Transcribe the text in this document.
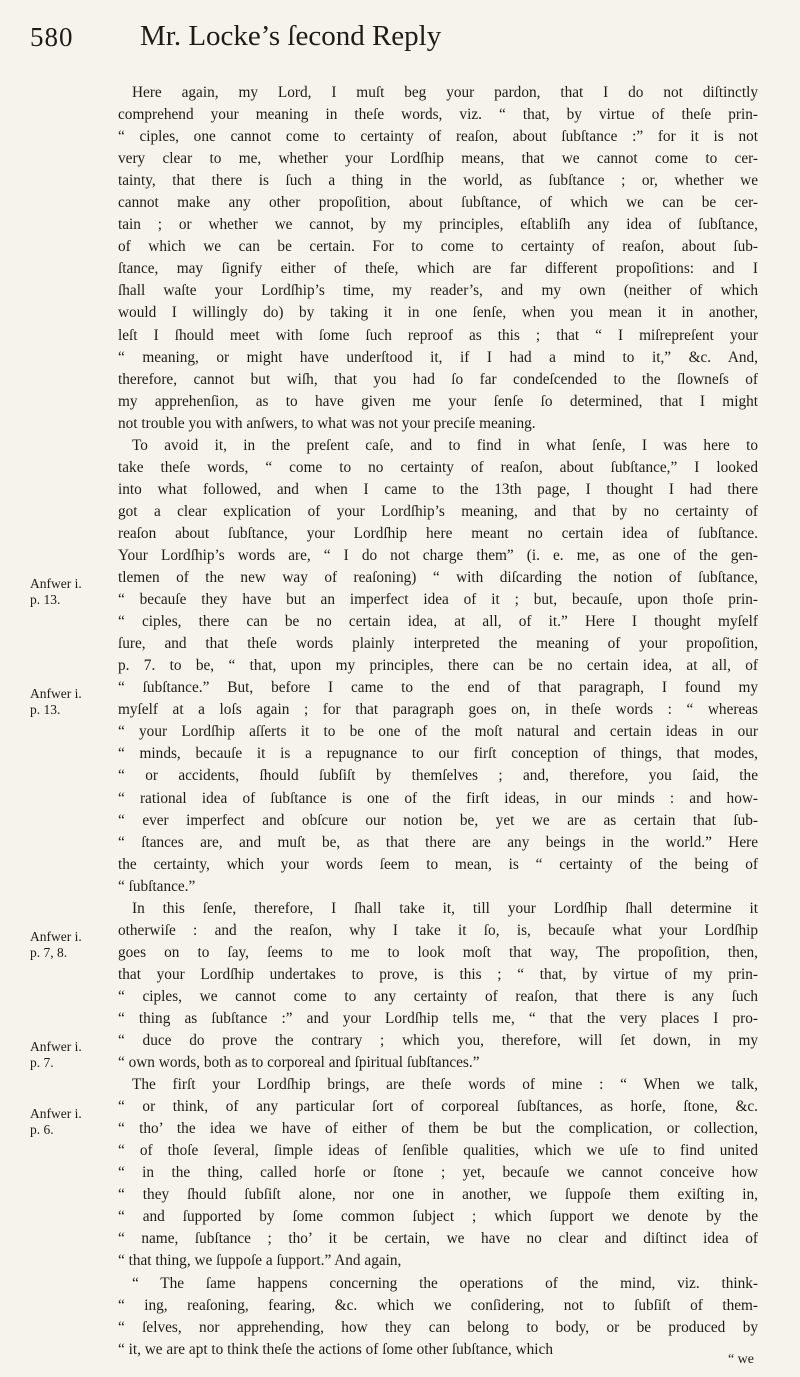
580 Mr. Locke’s ſecond Reply
Anfwer i.
p. 13.
Anfwer i.
p. 13.
Anfwer i.
p. 7, 8.
Anfwer i.
p. 7.
Anfwer i.
p. 6.
Here again, my Lord, I muſt beg your pardon, that I do not diſtinctly
comprehend your meaning in theſe words, viz. “ that, by virtue of theſe prin-
“ ciples, one cannot come to certainty of reaſon, about ſubſtance :” for it is not
very clear to me, whether your Lordſhip means, that we cannot come to cer-
tainty, that there is ſuch a thing in the world, as ſubſtance ; or, whether we
cannot make any other propoſition, about ſubſtance, of which we can be cer-
tain ; or whether we cannot, by my principles, eſtabliſh any idea of ſubſtance,
of which we can be certain. For to come to certainty of reaſon, about ſub-
ſtance, may ſignify either of theſe, which are far different propoſitions: and I
ſhall waſte your Lordſhip’s time, my reader’s, and my own (neither of which
would I willingly do) by taking it in one ſenſe, when you mean it in another,
leſt I ſhould meet with ſome ſuch reproof as this ; that “ I miſrepreſent your
“ meaning, or might have underſtood it, if I had a mind to it,” &c. And,
therefore, cannot but wiſh, that you had ſo far condeſcended to the ſlowneſs of
my apprehenſion, as to have given me your ſenſe ſo determined, that I might
not trouble you with anſwers, to what was not your preciſe meaning.
To avoid it, in the preſent caſe, and to find in what ſenſe, I was here to
take theſe words, “ come to no certainty of reaſon, about ſubſtance,” I looked
into what followed, and when I came to the 13th page, I thought I had there
got a clear explication of your Lordſhip’s meaning, and that by no certainty of
reaſon about ſubſtance, your Lordſhip here meant no certain idea of ſubſtance.
Your Lordſhip’s words are, “ I do not charge them” (i. e. me, as one of the gen-
tlemen of the new way of reaſoning) “ with diſcarding the notion of ſubſtance,
“ becauſe they have but an imperfect idea of it ; but, becauſe, upon thoſe prin-
“ ciples, there can be no certain idea, at all, of it.” Here I thought myſelf
ſure, and that theſe words plainly interpreted the meaning of your propoſition,
p. 7. to be, “ that, upon my principles, there can be no certain idea, at all, of
“ ſubſtance.” But, before I came to the end of that paragraph, I found my
myſelf at a loſs again ; for that paragraph goes on, in theſe words : “ whereas
“ your Lordſhip aſſerts it to be one of the moſt natural and certain ideas in our
“ minds, becauſe it is a repugnance to our firſt conception of things, that modes,
“ or accidents, ſhould ſubſiſt by themſelves ; and, therefore, you ſaid, the
“ rational idea of ſubſtance is one of the firſt ideas, in our minds : and how-
“ ever imperfect and obſcure our notion be, yet we are as certain that ſub-
“ ſtances are, and muſt be, as that there are any beings in the world.” Here
the certainty, which your words ſeem to mean, is “ certainty of the being of
“ ſubſtance.”
In this ſenſe, therefore, I ſhall take it, till your Lordſhip ſhall determine it
otherwiſe : and the reaſon, why I take it ſo, is, becauſe what your Lordſhip
goes on to ſay, ſeems to me to look moſt that way, The propoſition, then,
that your Lordſhip undertakes to prove, is this ; “ that, by virtue of my prin-
“ ciples, we cannot come to any certainty of reaſon, that there is any ſuch
“ thing as ſubſtance :” and your Lordſhip tells me, “ that the very places I pro-
“ duce do prove the contrary ; which you, therefore, will ſet down, in my
“ own words, both as to corporeal and ſpiritual ſubſtances.”
The firſt your Lordſhip brings, are theſe words of mine : “ When we talk,
“ or think, of any particular ſort of corporeal ſubſtances, as horſe, ſtone, &c.
“ tho’ the idea we have of either of them be but the complication, or collection,
“ of thoſe ſeveral, ſimple ideas of ſenſible qualities, which we uſe to find united
“ in the thing, called horſe or ſtone ; yet, becauſe we cannot conceive how
“ they ſhould ſubſiſt alone, nor one in another, we ſuppoſe them exiſting in,
“ and ſupported by ſome common ſubject ; which ſupport we denote by the
“ name, ſubſtance ; tho’ it be certain, we have no clear and diſtinct idea of
“ that thing, we ſuppoſe a ſupport.” And again,
“ The ſame happens concerning the operations of the mind, viz. think-
“ ing, reaſoning, fearing, &c. which we conſidering, not to ſubſiſt of them-
“ ſelves, nor apprehending, how they can belong to body, or be produced by
“ it, we are apt to think theſe the actions of ſome other ſubſtance, which
“ we
